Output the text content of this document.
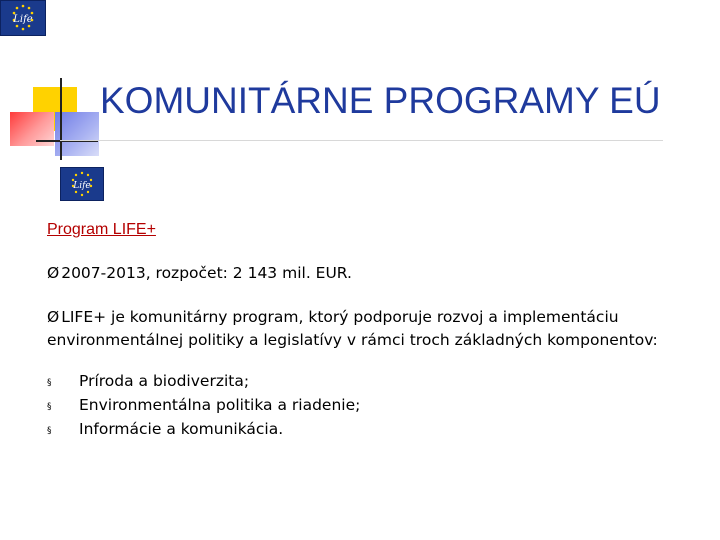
Life
KOMUNITÁRNE PROGRAMY EÚ
Life
Program LIFE+
Ø 2007-2013, rozpočet: 2 143 mil. EUR.
Ø LIFE+ je komunitárny program, ktorý podporuje rozvoj a implementáciu environmentálnej politiky a legislatívy v rámci troch základných komponentov:
§	Príroda a biodiverzita;
§	Environmentálna politika a riadenie;
§	Informácie a komunikácia.
